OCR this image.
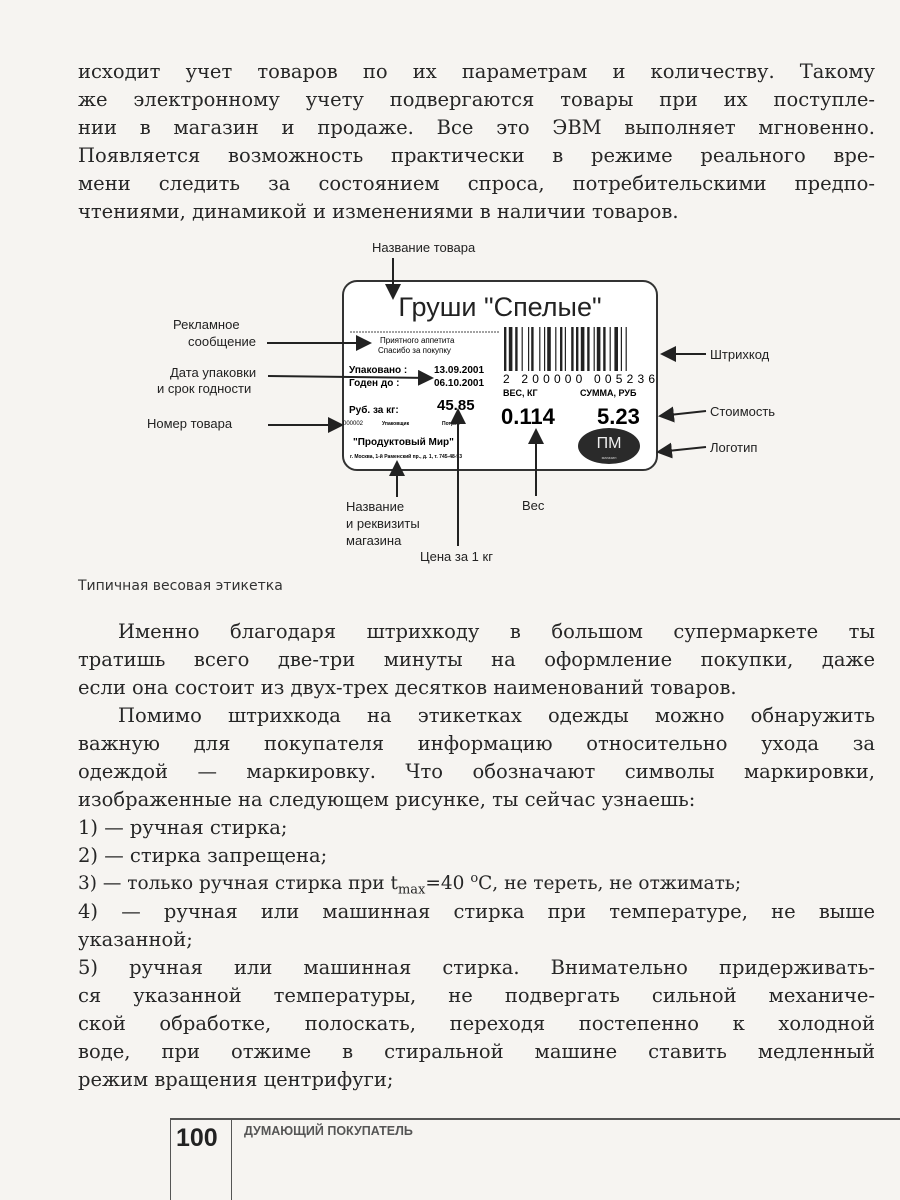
исходит учет товаров по их параметрам и количеству. Такому
же электронному учету подвергаются товары при их поступле-
нии в магазин и продаже. Все это ЭВМ выполняет мгновенно.
Появляется возможность практически в режиме реального вре-
мени следить за состоянием спроса, потребительскими предпо-
чтениями, динамикой и изменениями в наличии товаров.
Груши "Спелые"
Приятного аппетита
Спасибо за покупку
Упаковано :	13.09.2001
Годен до :	06.10.2001
Руб. за кг:	45.85
000002	Упаковщик	Потреб
2 200000 005236
ВЕС, КГ
0.114
СУММА, РУБ
5.23
"Продуктовый Мир"
г. Москва, 1-й Раменский пр., д. 1, т. 745-48-93
ПМ
магазин
Название товара
Рекламное
сообщение
Дата упаковки
и срок годности
Номер товара
Штрихкод
Стоимость
Логотип
Название
и реквизиты
магазина
Вес
Цена за 1 кг
Типичная весовая этикетка
Именно благодаря штрихкоду в большом супермаркете ты
тратишь всего две-три минуты на оформление покупки, даже
если она состоит из двух-трех десятков наименований товаров.
Помимо штрихкода на этикетках одежды можно обнаружить
важную для покупателя информацию относительно ухода за
одеждой — маркировку. Что обозначают символы маркировки,
изображенные на следующем рисунке, ты сейчас узнаешь:
1) — ручная стирка;
2) — стирка запрещена;
3) — только ручная стирка при $t_{max}=40$ $^o$С, не тереть, не отжимать;
4) — ручная или машинная стирка при температуре, не выше
указанной;
5) ручная или машинная стирка. Внимательно придерживать-
ся указанной температуры, не подвергать сильной механиче-
ской обработке, полоскать, переходя постепенно к холодной
воде, при отжиме в стиральной машине ставить медленный
режим вращения центрифуги;
100 ДУМАЮЩИЙ ПОКУПАТЕЛЬ
